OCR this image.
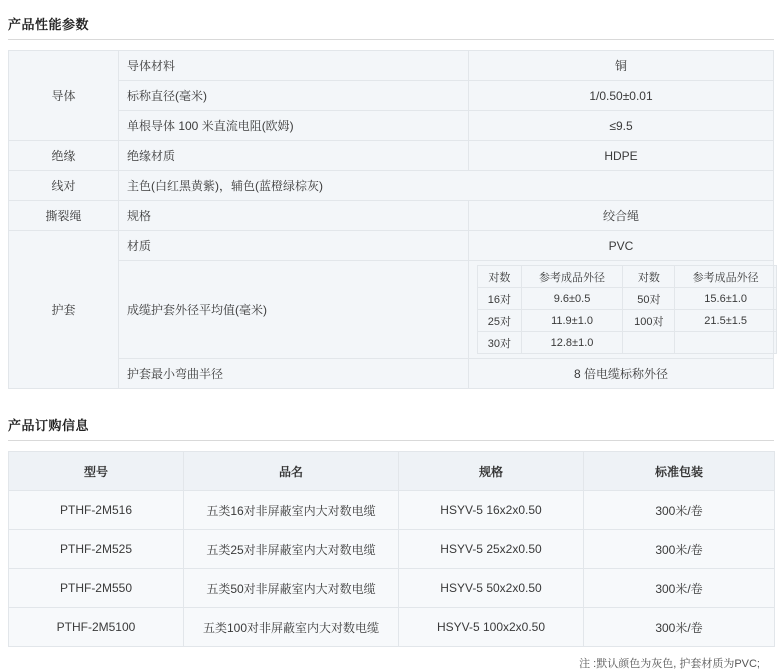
产品性能参数
导体	导体材料	铜
标称直径(毫米)	1/0.50±0.01
单根导体 100 米直流电阻(欧姆)	≤9.5
绝缘	绝缘材质	HDPE
线对	主色(白红黑黄紫)，辅色(蓝橙绿棕灰)
撕裂绳	规格	绞合绳
护套	材质	PVC
成缆护套外径平均值(毫米)	
对数	参考成品外径	对数	参考成品外径
16对	9.6±0.5	50对	15.6±1.0
25对	11.9±1.0	100对	21.5±1.5
30对	12.8±1.0		

护套最小弯曲半径	8 倍电缆标称外径
产品订购信息
型号	品名	规格	标准包装
PTHF-2M516	五类16对非屏蔽室内大对数电缆	HSYV-5 16x2x0.50	300米/卷
PTHF-2M525	五类25对非屏蔽室内大对数电缆	HSYV-5 25x2x0.50	300米/卷
PTHF-2M550	五类50对非屏蔽室内大对数电缆	HSYV-5 50x2x0.50	300米/卷
PTHF-2M5100	五类100对非屏蔽室内大对数电缆	HSYV-5 100x2x0.50	300米/卷
注 :默认颜色为灰色, 护套材质为PVC;
